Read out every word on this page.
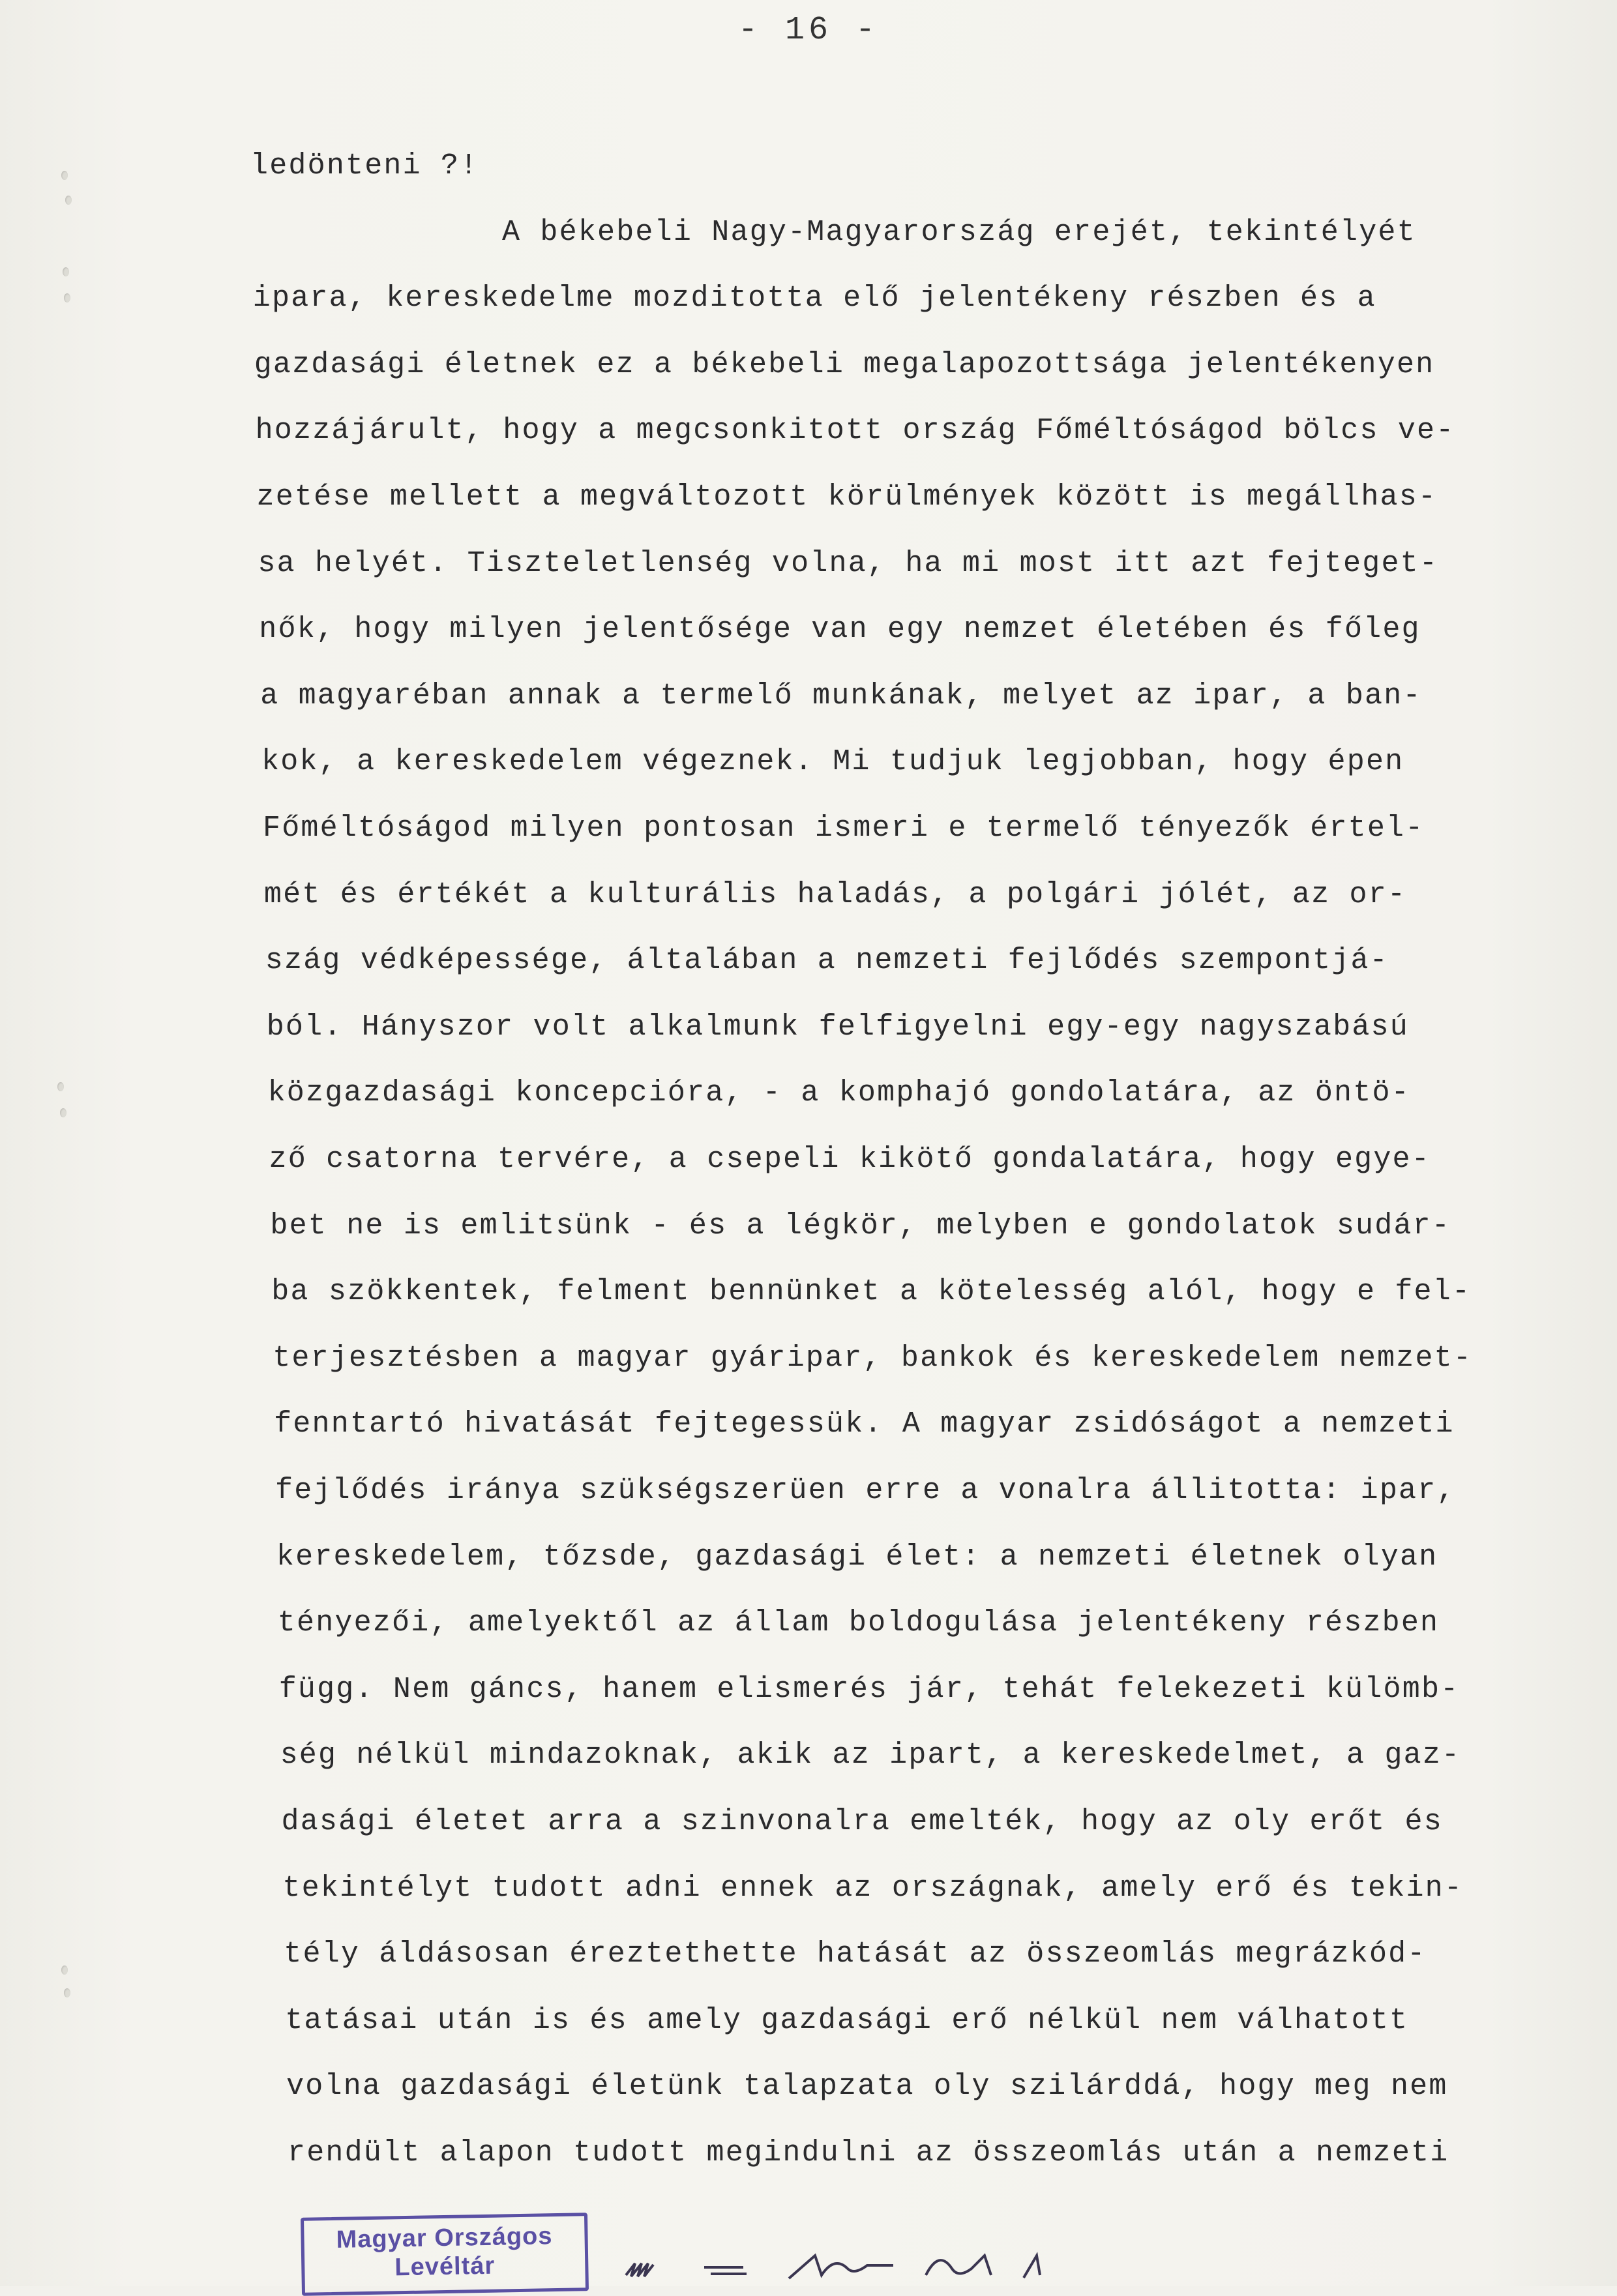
- 16 -
ledönteni ?!
A békebeli Nagy-Magyarország erejét, tekintélyét
ipara, kereskedelme mozditotta elő jelentékeny részben és a
gazdasági életnek ez a békebeli megalapozottsága jelentékenyen
hozzájárult, hogy a megcsonkitott ország Főméltóságod bölcs ve-
zetése mellett a megváltozott körülmények között is megállhas-
sa helyét. Tiszteletlenség volna, ha mi most itt azt fejteget-
nők, hogy milyen jelentősége van egy nemzet életében és főleg
a magyaréban annak a termelő munkának, melyet az ipar, a ban-
kok, a kereskedelem végeznek. Mi tudjuk legjobban, hogy épen
Főméltóságod milyen pontosan ismeri e termelő tényezők értel-
mét és értékét a kulturális haladás, a polgári jólét, az or-
szág védképessége, általában a nemzeti fejlődés szempontjá-
ból. Hányszor volt alkalmunk felfigyelni egy-egy nagyszabású
közgazdasági koncepcióra, - a komphajó gondolatára, az öntö-
ző csatorna tervére, a csepeli kikötő gondalatára, hogy egye-
bet ne is emlitsünk - és a légkör, melyben e gondolatok sudár-
ba szökkentek, felment bennünket a kötelesség alól, hogy e fel-
terjesztésben a magyar gyáripar, bankok és kereskedelem nemzet-
fenntartó hivatását fejtegessük. A magyar zsidóságot a nemzeti
fejlődés iránya szükségszerüen erre a vonalra állitotta: ipar,
kereskedelem, tőzsde, gazdasági élet: a nemzeti életnek olyan
tényezői, amelyektől az állam boldogulása jelentékeny részben
függ. Nem gáncs, hanem elismerés jár, tehát felekezeti külömb-
ség nélkül mindazoknak, akik az ipart, a kereskedelmet, a gaz-
dasági életet arra a szinvonalra emelték, hogy az oly erőt és
tekintélyt tudott adni ennek az országnak, amely erő és tekin-
tély áldásosan éreztethette hatását az összeomlás megrázkód-
tatásai után is és amely gazdasági erő nélkül nem válhatott
volna gazdasági életünk talapzata oly szilárddá, hogy meg nem
rendült alapon tudott megindulni az összeomlás után a nemzeti
Magyar Országos
Levéltár
